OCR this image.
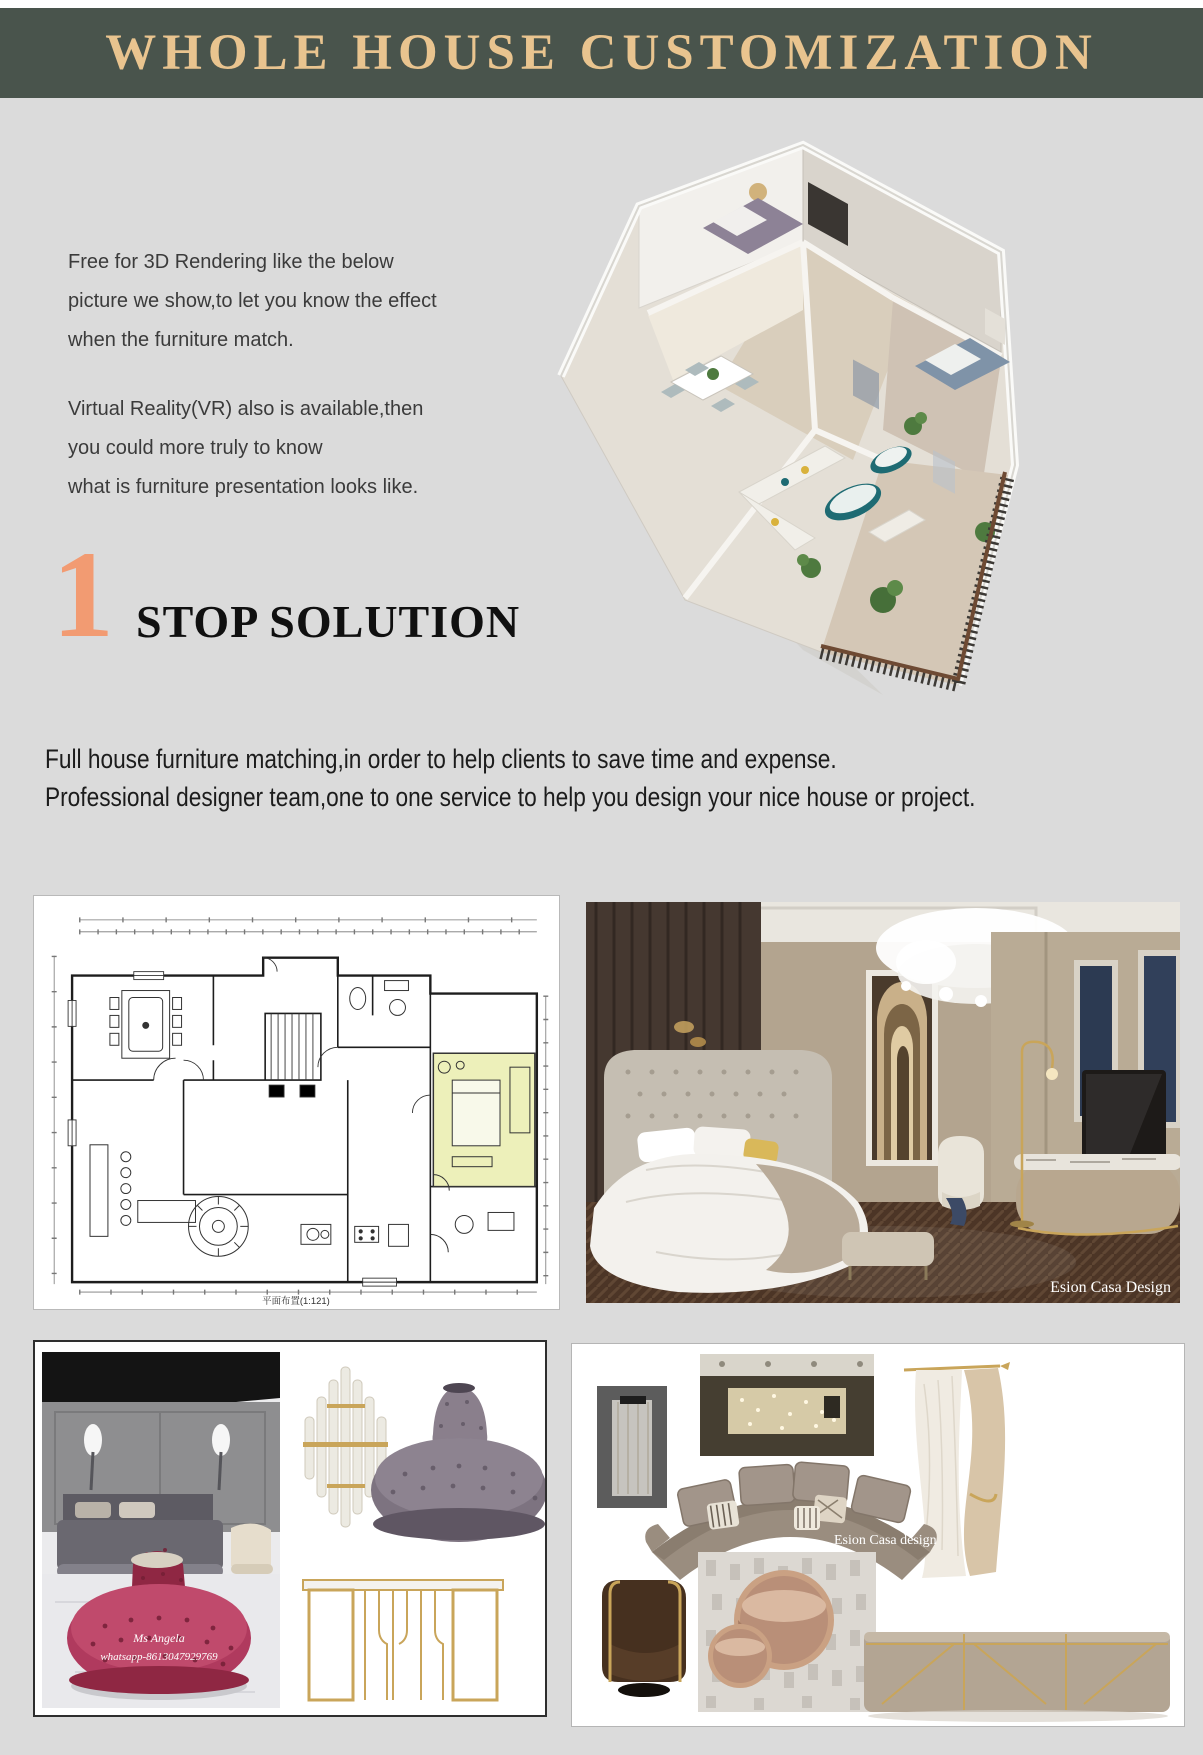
WHOLE HOUSE CUSTOMIZATION
Free for 3D Rendering like the below
picture we show,to let you know the effect
when the furniture match.
Virtual Reality(VR) also is available,then
you could more truly to know
what is furniture presentation looks like.
1 STOP SOLUTION
Full house furniture matching,in order to help clients to save time and expense.
Professional designer team,one to one service to help you design your nice house or project.
平面布置(1:121)
Esion Casa Design
Ms Angela
whatsapp-8613047929769
Esion Casa design
